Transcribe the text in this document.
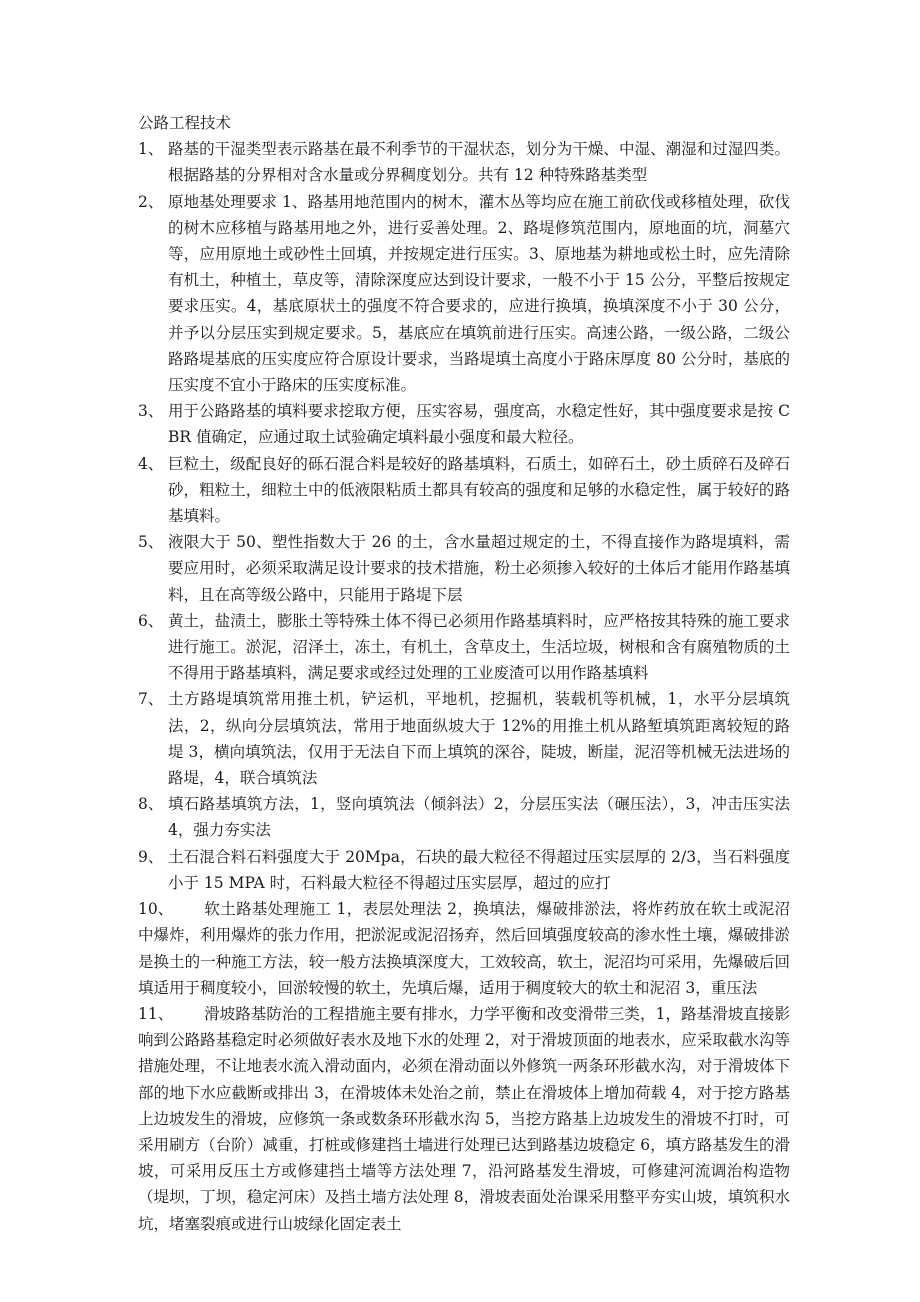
公路工程技术
1、 路基的干湿类型表示路基在最不利季节的干湿状态，划分为干燥、中湿、潮湿和过湿四类。根据路基的分界相对含水量或分界稠度划分。共有 12 种特殊路基类型
2、 原地基处理要求 1、路基用地范围内的树木，灌木丛等均应在施工前砍伐或移植处理，砍伐的树木应移植与路基用地之外，进行妥善处理。2、路堤修筑范围内，原地面的坑，洞墓穴等，应用原地土或砂性土回填，并按规定进行压实。3、原地基为耕地或松土时，应先清除有机土，种植土，草皮等，清除深度应达到设计要求，一般不小于 15 公分，平整后按规定要求压实。4，基底原状土的强度不符合要求的，应进行换填，换填深度不小于 30 公分，并予以分层压实到规定要求。5，基底应在填筑前进行压实。高速公路，一级公路，二级公路路堤基底的压实度应符合原设计要求，当路堤填土高度小于路床厚度 80 公分时，基底的压实度不宜小于路床的压实度标准。
3、 用于公路路基的填料要求挖取方便，压实容易，强度高，水稳定性好，其中强度要求是按 CBR 值确定，应通过取土试验确定填料最小强度和最大粒径。
4、 巨粒土，级配良好的砾石混合料是较好的路基填料，石质土，如碎石土，砂土质碎石及碎石砂，粗粒土，细粒土中的低液限粘质土都具有较高的强度和足够的水稳定性，属于较好的路基填料。
5、 液限大于 50、塑性指数大于 26 的土，含水量超过规定的土，不得直接作为路堤填料，需要应用时，必须采取满足设计要求的技术措施，粉土必须掺入较好的土体后才能用作路基填料，且在高等级公路中，只能用于路堤下层
6、 黄土，盐渍土，膨胀土等特殊土体不得已必须用作路基填料时，应严格按其特殊的施工要求进行施工。淤泥，沼泽土，冻土，有机土，含草皮土，生活垃圾，树根和含有腐殖物质的土不得用于路基填料，满足要求或经过处理的工业废渣可以用作路基填料
7、 土方路堤填筑常用推土机，铲运机，平地机，挖掘机，装载机等机械，1，水平分层填筑法，2，纵向分层填筑法，常用于地面纵坡大于 12%的用推土机从路堑填筑距离较短的路堤 3，横向填筑法，仅用于无法自下而上填筑的深谷，陡坡，断崖，泥沼等机械无法进场的路堤，4，联合填筑法
8、 填石路基填筑方法，1，竖向填筑法（倾斜法）2，分层压实法（碾压法），3，冲击压实法 4，强力夯实法
9、 土石混合料石料强度大于 20Mpa，石块的最大粒径不得超过压实层厚的 2/3，当石料强度小于 15 MPA 时，石料最大粒径不得超过压实层厚，超过的应打
10、 软土路基处理施工 1，表层处理法 2，换填法，爆破排淤法，将炸药放在软土或泥沼中爆炸，利用爆炸的张力作用，把淤泥或泥沼扬弃，然后回填强度较高的渗水性土壤，爆破排淤是换土的一种施工方法，较一般方法换填深度大，工效较高，软土，泥沼均可采用，先爆破后回填适用于稠度较小，回淤较慢的软土，先填后爆，适用于稠度较大的软土和泥沼 3，重压法
11、 滑坡路基防治的工程措施主要有排水，力学平衡和改变滑带三类，1，路基滑坡直接影响到公路路基稳定时必须做好表水及地下水的处理 2，对于滑坡顶面的地表水，应采取截水沟等措施处理，不让地表水流入滑动面内，必须在滑动面以外修筑一两条环形截水沟，对于滑坡体下部的地下水应截断或排出 3，在滑坡体未处治之前，禁止在滑坡体上增加荷载 4，对于挖方路基上边坡发生的滑坡，应修筑一条或数条环形截水沟 5，当挖方路基上边坡发生的滑坡不打时，可采用刷方（台阶）减重，打桩或修建挡土墙进行处理已达到路基边坡稳定 6，填方路基发生的滑坡，可采用反压土方或修建挡土墙等方法处理 7，沿河路基发生滑坡，可修建河流调治构造物（堤坝，丁坝，稳定河床）及挡土墙方法处理 8，滑坡表面处治课采用整平夯实山坡，填筑积水坑，堵塞裂痕或进行山坡绿化固定表土
